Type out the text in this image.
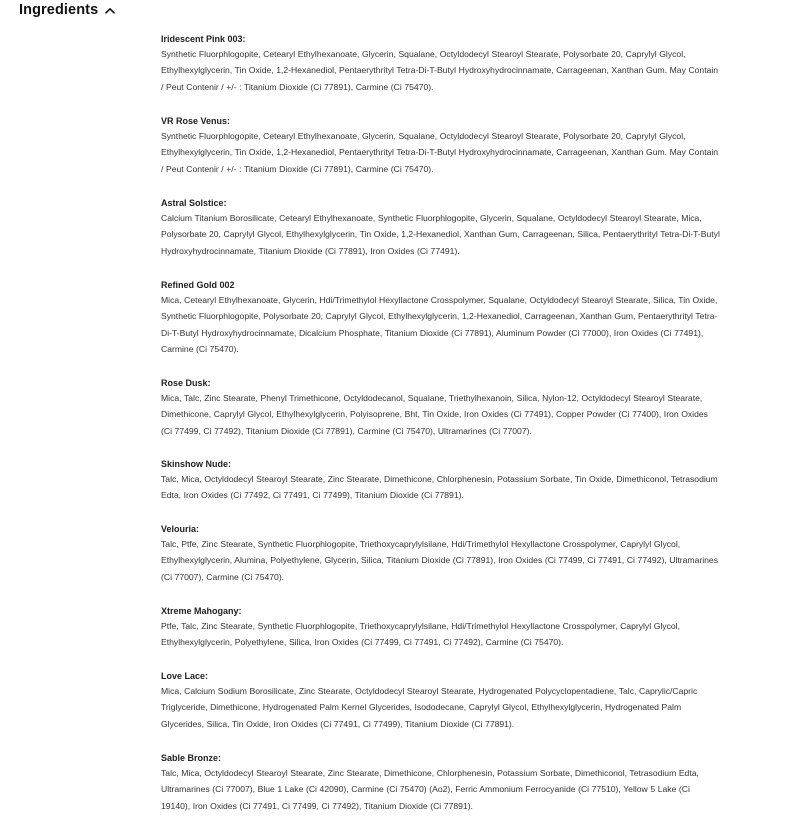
Ingredients
Iridescent Pink 003:
Synthetic Fluorphlogopite, Cetearyl Ethylhexanoate, Glycerin, Squalane, Octyldodecyl Stearoyl Stearate, Polysorbate 20, Caprylyl Glycol, Ethylhexylglycerin, Tin Oxide, 1,2-Hexanediol, Pentaerythrityl Tetra-Di-T-Butyl Hydroxyhydrocinnamate, Carrageenan, Xanthan Gum. May Contain / Peut Contenir / +/- : Titanium Dioxide (Ci 77891), Carmine (Ci 75470).
VR Rose Venus:
Synthetic Fluorphlogopite, Cetearyl Ethylhexanoate, Glycerin, Squalane, Octyldodecyl Stearoyl Stearate, Polysorbate 20, Caprylyl Glycol, Ethylhexylglycerin, Tin Oxide, 1,2-Hexanediol, Pentaerythrityl Tetra-Di-T-Butyl Hydroxyhydrocinnamate, Carrageenan, Xanthan Gum. May Contain / Peut Contenir / +/- : Titanium Dioxide (Ci 77891), Carmine (Ci 75470).
Astral Solstice:
Calcium Titanium Borosilicate, Cetearyl Ethylhexanoate, Synthetic Fluorphlogopite, Glycerin, Squalane, Octyldodecyl Stearoyl Stearate, Mica, Polysorbate 20, Caprylyl Glycol, Ethylhexylglycerin, Tin Oxide, 1,2-Hexanediol, Xanthan Gum, Carrageenan, Silica, Pentaerythrityl Tetra-Di-T-Butyl Hydroxyhydrocinnamate, Titanium Dioxide (Ci 77891), Iron Oxides (Ci 77491).
Refined Gold 002
Mica, Cetearyl Ethylhexanoate, Glycerin, Hdi/Trimethylol Hexyllactone Crosspolymer, Squalane, Octyldodecyl Stearoyl Stearate, Silica, Tin Oxide, Synthetic Fluorphlogopite, Polysorbate 20, Caprylyl Glycol, Ethylhexylglycerin, 1,2-Hexanediol, Carrageenan, Xanthan Gum, Pentaerythrityl Tetra-Di-T-Butyl Hydroxyhydrocinnamate, Dicalcium Phosphate, Titanium Dioxide (Ci 77891), Aluminum Powder (Ci 77000), Iron Oxides (Ci 77491), Carmine (Ci 75470).
Rose Dusk:
Mica, Talc, Zinc Stearate, Phenyl Trimethicone, Octyldodecanol, Squalane, Triethylhexanoin, Silica, Nylon-12, Octyldodecyl Stearoyl Stearate, Dimethicone, Caprylyl Glycol, Ethylhexylglycerin, Polyisoprene, Bht, Tin Oxide, Iron Oxides (Ci 77491), Copper Powder (Ci 77400), Iron Oxides (Ci 77499, Ci 77492), Titanium Dioxide (Ci 77891), Carmine (Ci 75470), Ultramarines (Ci 77007).
Skinshow Nude:
Talc, Mica, Octyldodecyl Stearoyl Stearate, Zinc Stearate, Dimethicone, Chlorphenesin, Potassium Sorbate, Tin Oxide, Dimethiconol, Tetrasodium Edta, Iron Oxides (Ci 77492, Ci 77491, Ci 77499), Titanium Dioxide (Ci 77891).
Velouria:
Talc, Ptfe, Zinc Stearate, Synthetic Fluorphlogopite, Triethoxycaprylylsilane, Hdi/Trimethylol Hexyllactone Crosspolymer, Caprylyl Glycol, Ethylhexylglycerin, Alumina, Polyethylene, Glycerin, Silica, Titanium Dioxide (Ci 77891), Iron Oxides (Ci 77499, Ci 77491, Ci 77492), Ultramarines (Ci 77007), Carmine (Ci 75470).
Xtreme Mahogany:
Ptfe, Talc, Zinc Stearate, Synthetic Fluorphlogopite, Triethoxycaprylylsilane, Hdi/Trimethylol Hexyllactone Crosspolymer, Caprylyl Glycol, Ethylhexylglycerin, Polyethylene, Silica, Iron Oxides (Ci 77499, Ci 77491, Ci 77492), Carmine (Ci 75470).
Love Lace:
Mica, Calcium Sodium Borosilicate, Zinc Stearate, Octyldodecyl Stearoyl Stearate, Hydrogenated Polycyclopentadiene, Talc, Caprylic/Capric Triglyceride, Dimethicone, Hydrogenated Palm Kernel Glycerides, Isododecane, Caprylyl Glycol, Ethylhexylglycerin, Hydrogenated Palm Glycerides, Silica, Tin Oxide, Iron Oxides (Ci 77491, Ci 77499), Titanium Dioxide (Ci 77891).
Sable Bronze:
Talc, Mica, Octyldodecyl Stearoyl Stearate, Zinc Stearate, Dimethicone, Chlorphenesin, Potassium Sorbate, Dimethiconol, Tetrasodium Edta, Ultramarines (Ci 77007), Blue 1 Lake (Ci 42090), Carmine (Ci 75470) (Ao2), Ferric Ammonium Ferrocyanide (Ci 77510), Yellow 5 Lake (Ci 19140), Iron Oxides (Ci 77491, Ci 77499, Ci 77492), Titanium Dioxide (Ci 77891).
